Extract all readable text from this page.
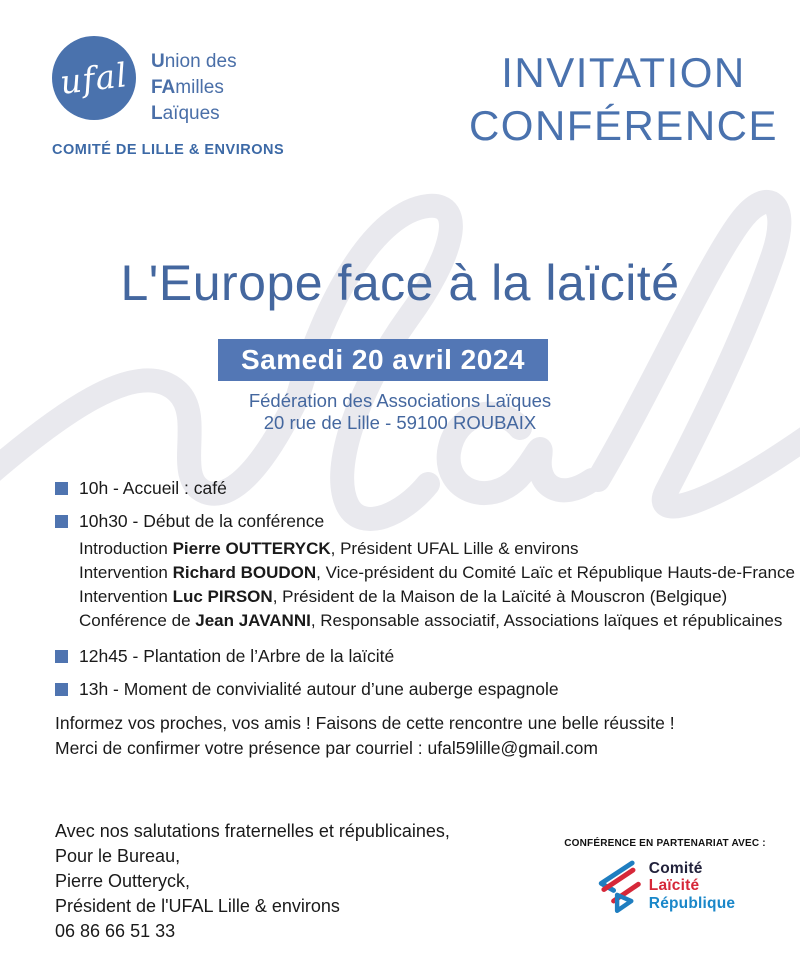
ufal Union des
FAmilles
Laïques
COMITÉ DE LILLE & ENVIRONS
INVITATION
CONFÉRENCE
L'Europe face à la laïcité
Samedi 20 avril 2024
Fédération des Associations Laïques
20 rue de Lille - 59100 ROUBAIX
10h - Accueil : café
10h30 - Début de la conférence
Introduction Pierre OUTTERYCK, Président UFAL Lille & environs
Intervention Richard BOUDON, Vice-président du Comité Laïc et République Hauts-de-France
Intervention Luc PIRSON, Président de la Maison de la Laïcité à Mouscron (Belgique)
Conférence de Jean JAVANNI, Responsable associatif, Associations laïques et républicaines
12h45 - Plantation de l’Arbre de la laïcité
13h - Moment de convivialité autour d’une auberge espagnole
Informez vos proches, vos amis ! Faisons de cette rencontre une belle réussite !
Merci de confirmer votre présence par courriel : ufal59lille@gmail.com
Avec nos salutations fraternelles et républicaines,
Pour le Bureau,
Pierre Outteryck,
Président de l'UFAL Lille & environs
06 86 66 51 33
CONFÉRENCE EN PARTENARIAT AVEC :
Comité
Laïcité
République
